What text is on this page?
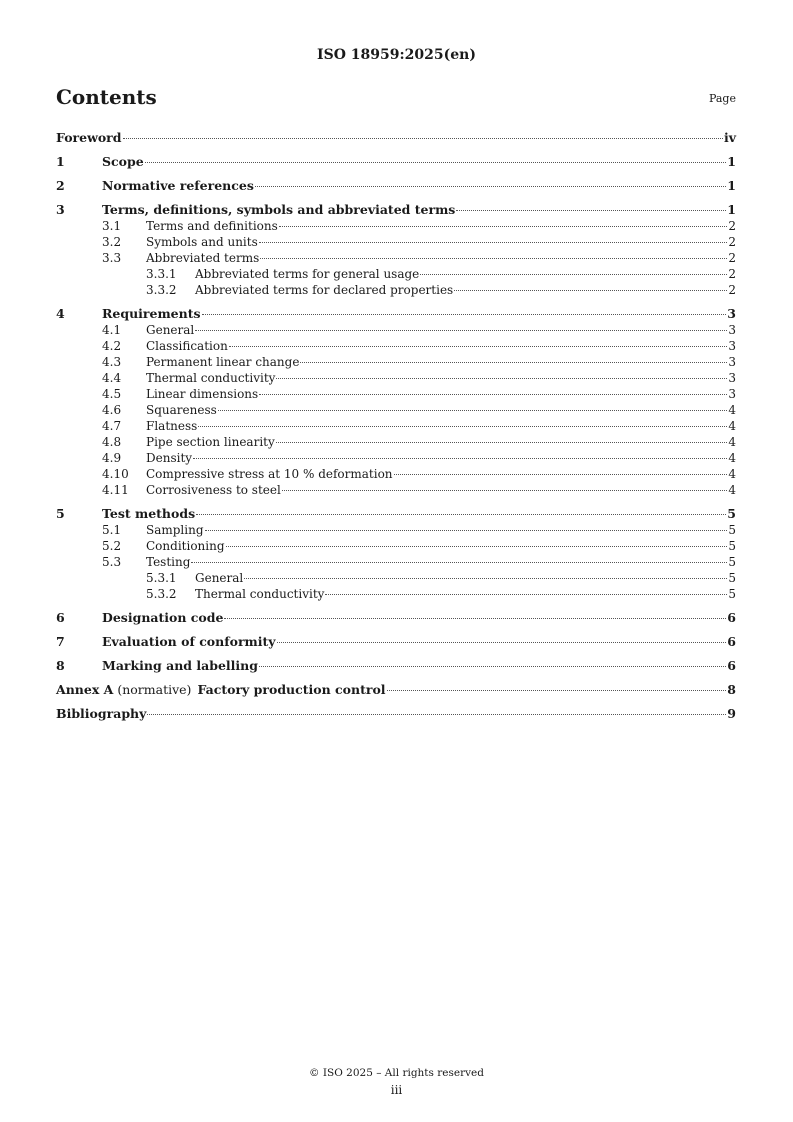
ISO 18959:2025(en)
Contents	Page
Foreword	iv
1	Scope	1
2	Normative references	1
3	Terms, definitions, symbols and abbreviated terms	1
3.1	Terms and definitions	2
3.2	Symbols and units	2
3.3	Abbreviated terms	2
3.3.1	Abbreviated terms for general usage	2
3.3.2	Abbreviated terms for declared properties	2
4	Requirements	3
4.1	General	3
4.2	Classification	3
4.3	Permanent linear change	3
4.4	Thermal conductivity	3
4.5	Linear dimensions	3
4.6	Squareness	4
4.7	Flatness	4
4.8	Pipe section linearity	4
4.9	Density	4
4.10	Compressive stress at 10 % deformation	4
4.11	Corrosiveness to steel	4
5	Test methods	5
5.1	Sampling	5
5.2	Conditioning	5
5.3	Testing	5
5.3.1	General	5
5.3.2	Thermal conductivity	5
6	Designation code	6
7	Evaluation of conformity	6
8	Marking and labelling	6
Annex A (normative) Factory production control	8
Bibliography	9
© ISO 2025 – All rights reserved
iii
